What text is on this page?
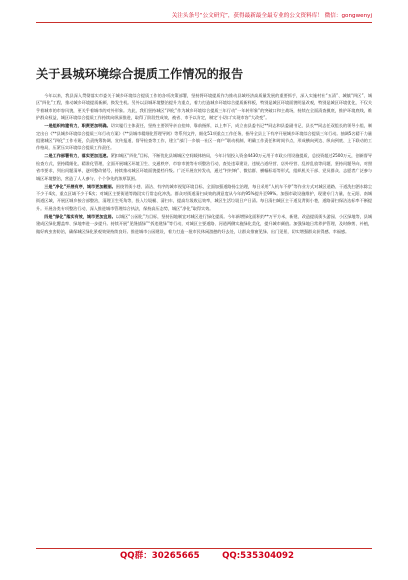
关注头条号“公文研究”，获得最新最全最专业的公文资料库！ 微信：gongwenyj
关于县城环境综合提质工作情况的报告

今年以来，我县深入贯彻落实市委关于城乡环境综合提质工作的各项决策部署，坚持将环境提质作为推动县域经济高质量发展的重要抓手，深入实施村社“五清”、城镇“四区”、城区“四化”工程，推动城乡环境提质新颜、换发生机。另外以县城环境整治提升为重点，着力打造城乡环境综合提质新样板，特别是城区环境面貌明显改观，特别是城区环境优化，不仅关乎着城市的市容风貌，更关乎着城市的对外形象。为此，我们坚持城区“四化”作为城乡环境综合提质三年行动“一年转形象”的突破口和主战场，持续在全面清查摸底，推护环境底线，维护群众权益，城区环境综合提质工作持续向纵深推进，取得了阶段性成效，被省、市予以肯定，制定‘小切口’实现市容“大改变”。

一是组织构建有力，职责更加明确。切实履行主体责任，坚持主要领导亲自挂帅、靠前指挥，以上率下，成立由县委书记**同志和县委副书记、县长**同志任双组长的领导小组，制定出台《**县城乡环境综合提质三年行动方案》《**县城市精细化管理导则》等系列文件，细化51项重点工作任务，指导全县上下有序开展城乡环境综合提质三年行动。抽调5名精干力量组建城区“四化”工作专班，负责统筹协调、宣传报道、督导检查等工作，建立“部门一乡镇一社区一商户”联动机制，明确工作责任和时间节点，形成横向到边、纵向到底、上下联动的工作格局，压紧压实环境综合提质工作责任。

二是工作部署有力，落实更加迅速。紧扣城区“四化”目标，不断优化县城城区空间载体格局，今年计划投入资金4430万元用于市政公用设施提质，总投资超过2500万元，创新督导检查方式，坚持精细化、精准化管理，全面开展城区环境卫生、交通秩序、市容市貌等专项整治行动，查处违章建设、违规占道经营、店外经营、乱停乱放等问题，坚持问题导向，对照省市要求，列出问题清单，逐项整改销号，持续推动城区环境面貌提档升级。广泛开展宣传发动，通过“村村响”、微信群、横幅标语等形式，组织机关干部、党员群众、志愿者广泛参与城区环境整治，营造了人人参与、个个争先的浓厚氛围。

三是“净化”开展有序，城市更加靓丽。围绕背街小巷、清洁、有序的城市视觉环境目标，全面加强道路扬尘治理，每日采用“人机车不停”等作业方式对城区道路、干道洗扫洒水除尘不少于4次，重点区域不少于6次；对城区主要街道等路段实行常态化冲洗。群众对街道清扫成效的满意度从今年的95%提升至99%。加强市政设施维护，现建专门力量，在元阳、南城街道区域，开展区城乡接合部整治，清理卫生死角等，投入垃圾桶、清扫车，提高垃圾收运效率，城区生活垃圾日产日清。每日清扫城区主干道及背街小巷，道路清扫保洁达标率不断提升。开展各类专项整治行动，深入推进城市管理综合执法，保持高压态势，城区“净化”取得实效。

四是“绿化”落实有效，城市更加宜居。以城区“公园化”为目标，坚持因地制宜对城区进行绿化提质。今年新增绿化面积约**万平方米，新建、改造提质街头游园、小区绿地等，县城建成区绿化覆盖率、绿地率进一步提升。持续开展“见缝插绿”“拆违建绿”等行动，对城区主要道路、河道两侧实施绿化美化，提升城市颜值。加强绿地日常养护管理，及时修剪、补植，做好病虫害防治，确保城区绿化景观效果持续良好。推进城市公园建设，着力打造一批市民休闲游憩的好去处，让群众推窗见绿、出门见景，切实增强群众获得感、幸福感。

QQ群：30265665	QQ:535304092
